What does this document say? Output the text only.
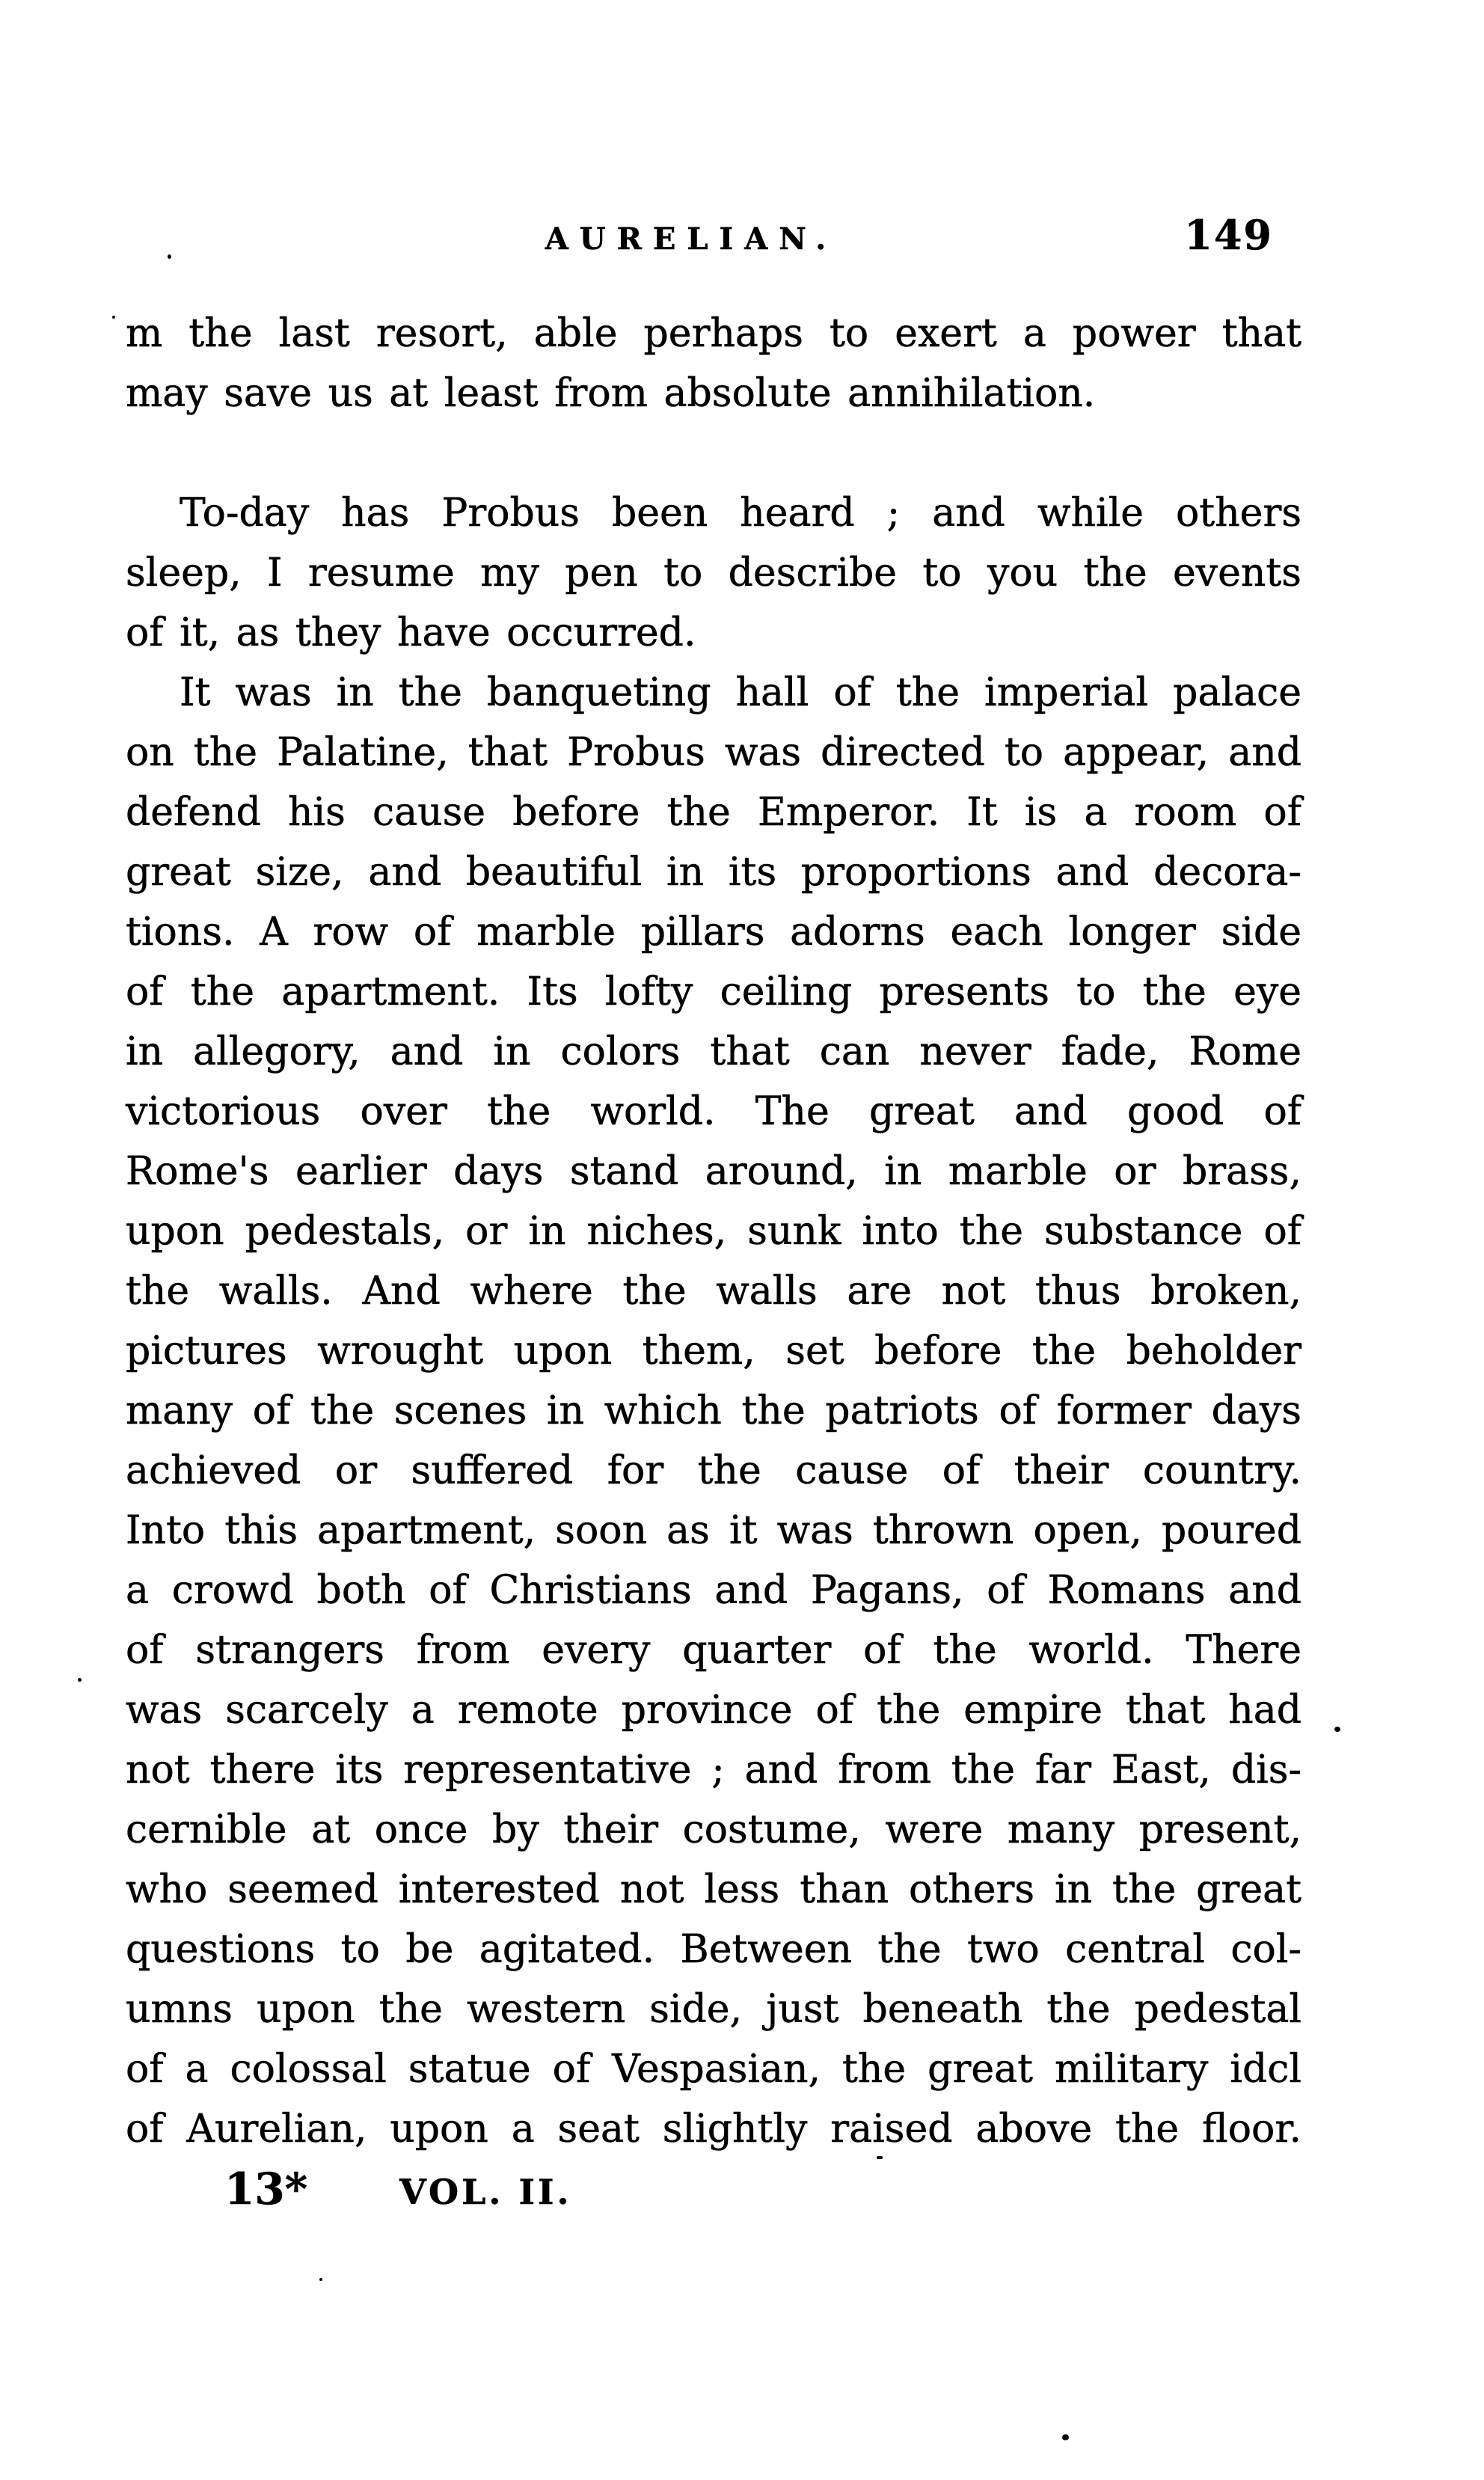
AURELIAN.	149
m the last resort, able perhaps to exert a power that
may save us at least from absolute annihilation.
To-day has Probus been heard ; and while others
sleep, I resume my pen to describe to you the events
of it, as they have occurred.
It was in the banqueting hall of the imperial palace
on the Palatine, that Probus was directed to appear, and
defend his cause before the Emperor. It is a room of
great size, and beautiful in its proportions and decora-
tions. A row of marble pillars adorns each longer side
of the apartment. Its lofty ceiling presents to the eye
in allegory, and in colors that can never fade, Rome
victorious over the world. The great and good of
Rome's earlier days stand around, in marble or brass,
upon pedestals, or in niches, sunk into the substance of
the walls. And where the walls are not thus broken,
pictures wrought upon them, set before the beholder
many of the scenes in which the patriots of former days
achieved or suffered for the cause of their country.
Into this apartment, soon as it was thrown open, poured
a crowd both of Christians and Pagans, of Romans and
of strangers from every quarter of the world. There
was scarcely a remote province of the empire that had
not there its representative ; and from the far East, dis-
cernible at once by their costume, were many present,
who seemed interested not less than others in the great
questions to be agitated. Between the two central col-
umns upon the western side, just beneath the pedestal
of a colossal statue of Vespasian, the great military idcl
of Aurelian, upon a seat slightly raised above the floor.
13*	VOL. II.
